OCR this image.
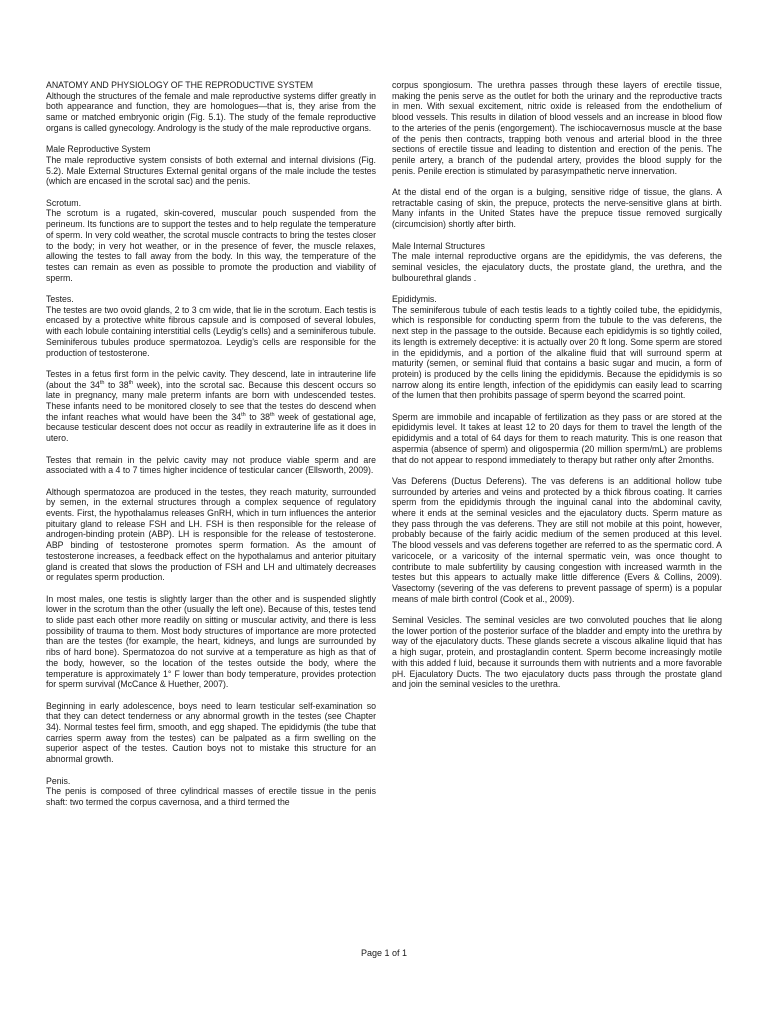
ANATOMY AND PHYSIOLOGY OF THE REPRODUCTIVE SYSTEM

Although the structures of the female and male reproductive systems differ greatly in both appearance and function, they are homologues—that is, they arise from the same or matched embryonic origin (Fig. 5.1). The study of the female reproductive organs is called gynecology. Andrology is the study of the male reproductive organs.

Male Reproductive System

The male reproductive system consists of both external and internal divisions (Fig. 5.2). Male External Structures External genital organs of the male include the testes (which are encased in the scrotal sac) and the penis.

Scrotum.

The scrotum is a rugated, skin-covered, muscular pouch suspended from the perineum. Its functions are to support the testes and to help regulate the temperature of sperm. In very cold weather, the scrotal muscle contracts to bring the testes closer to the body; in very hot weather, or in the presence of fever, the muscle relaxes, allowing the testes to fall away from the body. In this way, the temperature of the testes can remain as even as possible to promote the production and viability of sperm.

Testes.

The testes are two ovoid glands, 2 to 3 cm wide, that lie in the scrotum. Each testis is encased by a protective white fibrous capsule and is composed of several lobules, with each lobule containing interstitial cells (Leydig’s cells) and a seminiferous tubule. Seminiferous tubules produce spermatozoa. Leydig’s cells are responsible for the production of testosterone.

Testes in a fetus first form in the pelvic cavity. They descend, late in intrauterine life (about the 34th to 38th week), into the scrotal sac. Because this descent occurs so late in pregnancy, many male preterm infants are born with undescended testes. These infants need to be monitored closely to see that the testes do descend when the infant reaches what would have been the 34th to 38th week of gestational age, because testicular descent does not occur as readily in extrauterine life as it does in utero.

Testes that remain in the pelvic cavity may not produce viable sperm and are associated with a 4 to 7 times higher incidence of testicular cancer (Ellsworth, 2009).

Although spermatozoa are produced in the testes, they reach maturity, surrounded by semen, in the external structures through a complex sequence of regulatory events. First, the hypothalamus releases GnRH, which in turn influences the anterior pituitary gland to release FSH and LH. FSH is then responsible for the release of androgen-binding protein (ABP). LH is responsible for the release of testosterone. ABP binding of testosterone promotes sperm formation. As the amount of testosterone increases, a feedback effect on the hypothalamus and anterior pituitary gland is created that slows the production of FSH and LH and ultimately decreases or regulates sperm production.

In most males, one testis is slightly larger than the other and is suspended slightly lower in the scrotum than the other (usually the left one). Because of this, testes tend to slide past each other more readily on sitting or muscular activity, and there is less possibility of trauma to them. Most body structures of importance are more protected than are the testes (for example, the heart, kidneys, and lungs are surrounded by ribs of hard bone). Spermatozoa do not survive at a temperature as high as that of the body, however, so the location of the testes outside the body, where the temperature is approximately 1° F lower than body temperature, provides protection for sperm survival (McCance & Huether, 2007).

Beginning in early adolescence, boys need to learn testicular self-examination so that they can detect tenderness or any abnormal growth in the testes (see Chapter 34). Normal testes feel firm, smooth, and egg shaped. The epididymis (the tube that carries sperm away from the testes) can be palpated as a firm swelling on the superior aspect of the testes. Caution boys not to mistake this structure for an abnormal growth.

Penis.

The penis is composed of three cylindrical masses of erectile tissue in the penis shaft: two termed the corpus cavernosa, and a third termed the

corpus spongiosum. The urethra passes through these layers of erectile tissue, making the penis serve as the outlet for both the urinary and the reproductive tracts in men. With sexual excitement, nitric oxide is released from the endothelium of blood vessels. This results in dilation of blood vessels and an increase in blood flow to the arteries of the penis (engorgement). The ischiocavernosus muscle at the base of the penis then contracts, trapping both venous and arterial blood in the three sections of erectile tissue and leading to distention and erection of the penis. The penile artery, a branch of the pudendal artery, provides the blood supply for the penis. Penile erection is stimulated by parasympathetic nerve innervation.

At the distal end of the organ is a bulging, sensitive ridge of tissue, the glans. A retractable casing of skin, the prepuce, protects the nerve-sensitive glans at birth. Many infants in the United States have the prepuce tissue removed surgically (circumcision) shortly after birth.

Male Internal Structures

The male internal reproductive organs are the epididymis, the vas deferens, the seminal vesicles, the ejaculatory ducts, the prostate gland, the urethra, and the bulbourethral glands .

Epididymis.

The seminiferous tubule of each testis leads to a tightly coiled tube, the epididymis, which is responsible for conducting sperm from the tubule to the vas deferens, the next step in the passage to the outside. Because each epididymis is so tightly coiled, its length is extremely deceptive: it is actually over 20 ft long. Some sperm are stored in the epididymis, and a portion of the alkaline fluid that will surround sperm at maturity (semen, or seminal fluid that contains a basic sugar and mucin, a form of protein) is produced by the cells lining the epididymis. Because the epididymis is so narrow along its entire length, infection of the epididymis can easily lead to scarring of the lumen that then prohibits passage of sperm beyond the scarred point.

Sperm are immobile and incapable of fertilization as they pass or are stored at the epididymis level. It takes at least 12 to 20 days for them to travel the length of the epididymis and a total of 64 days for them to reach maturity. This is one reason that aspermia (absence of sperm) and oligospermia (20 million sperm/mL) are problems that do not appear to respond immediately to therapy but rather only after 2months.

Vas Deferens (Ductus Deferens). The vas deferens is an additional hollow tube surrounded by arteries and veins and protected by a thick fibrous coating. It carries sperm from the epididymis through the inguinal canal into the abdominal cavity, where it ends at the seminal vesicles and the ejaculatory ducts. Sperm mature as they pass through the vas deferens. They are still not mobile at this point, however, probably because of the fairly acidic medium of the semen produced at this level. The blood vessels and vas deferens together are referred to as the spermatic cord. A varicocele, or a varicosity of the internal spermatic vein, was once thought to contribute to male subfertility by causing congestion with increased warmth in the testes but this appears to actually make little difference (Evers & Collins, 2009). Vasectomy (severing of the vas deferens to prevent passage of sperm) is a popular means of male birth control (Cook et al., 2009).

Seminal Vesicles. The seminal vesicles are two convoluted pouches that lie along the lower portion of the posterior surface of the bladder and empty into the urethra by way of the ejaculatory ducts. These glands secrete a viscous alkaline liquid that has a high sugar, protein, and prostaglandin content. Sperm become increasingly motile with this added f luid, because it surrounds them with nutrients and a more favorable pH. Ejaculatory Ducts. The two ejaculatory ducts pass through the prostate gland and join the seminal vesicles to the urethra.

Page 1 of 1
